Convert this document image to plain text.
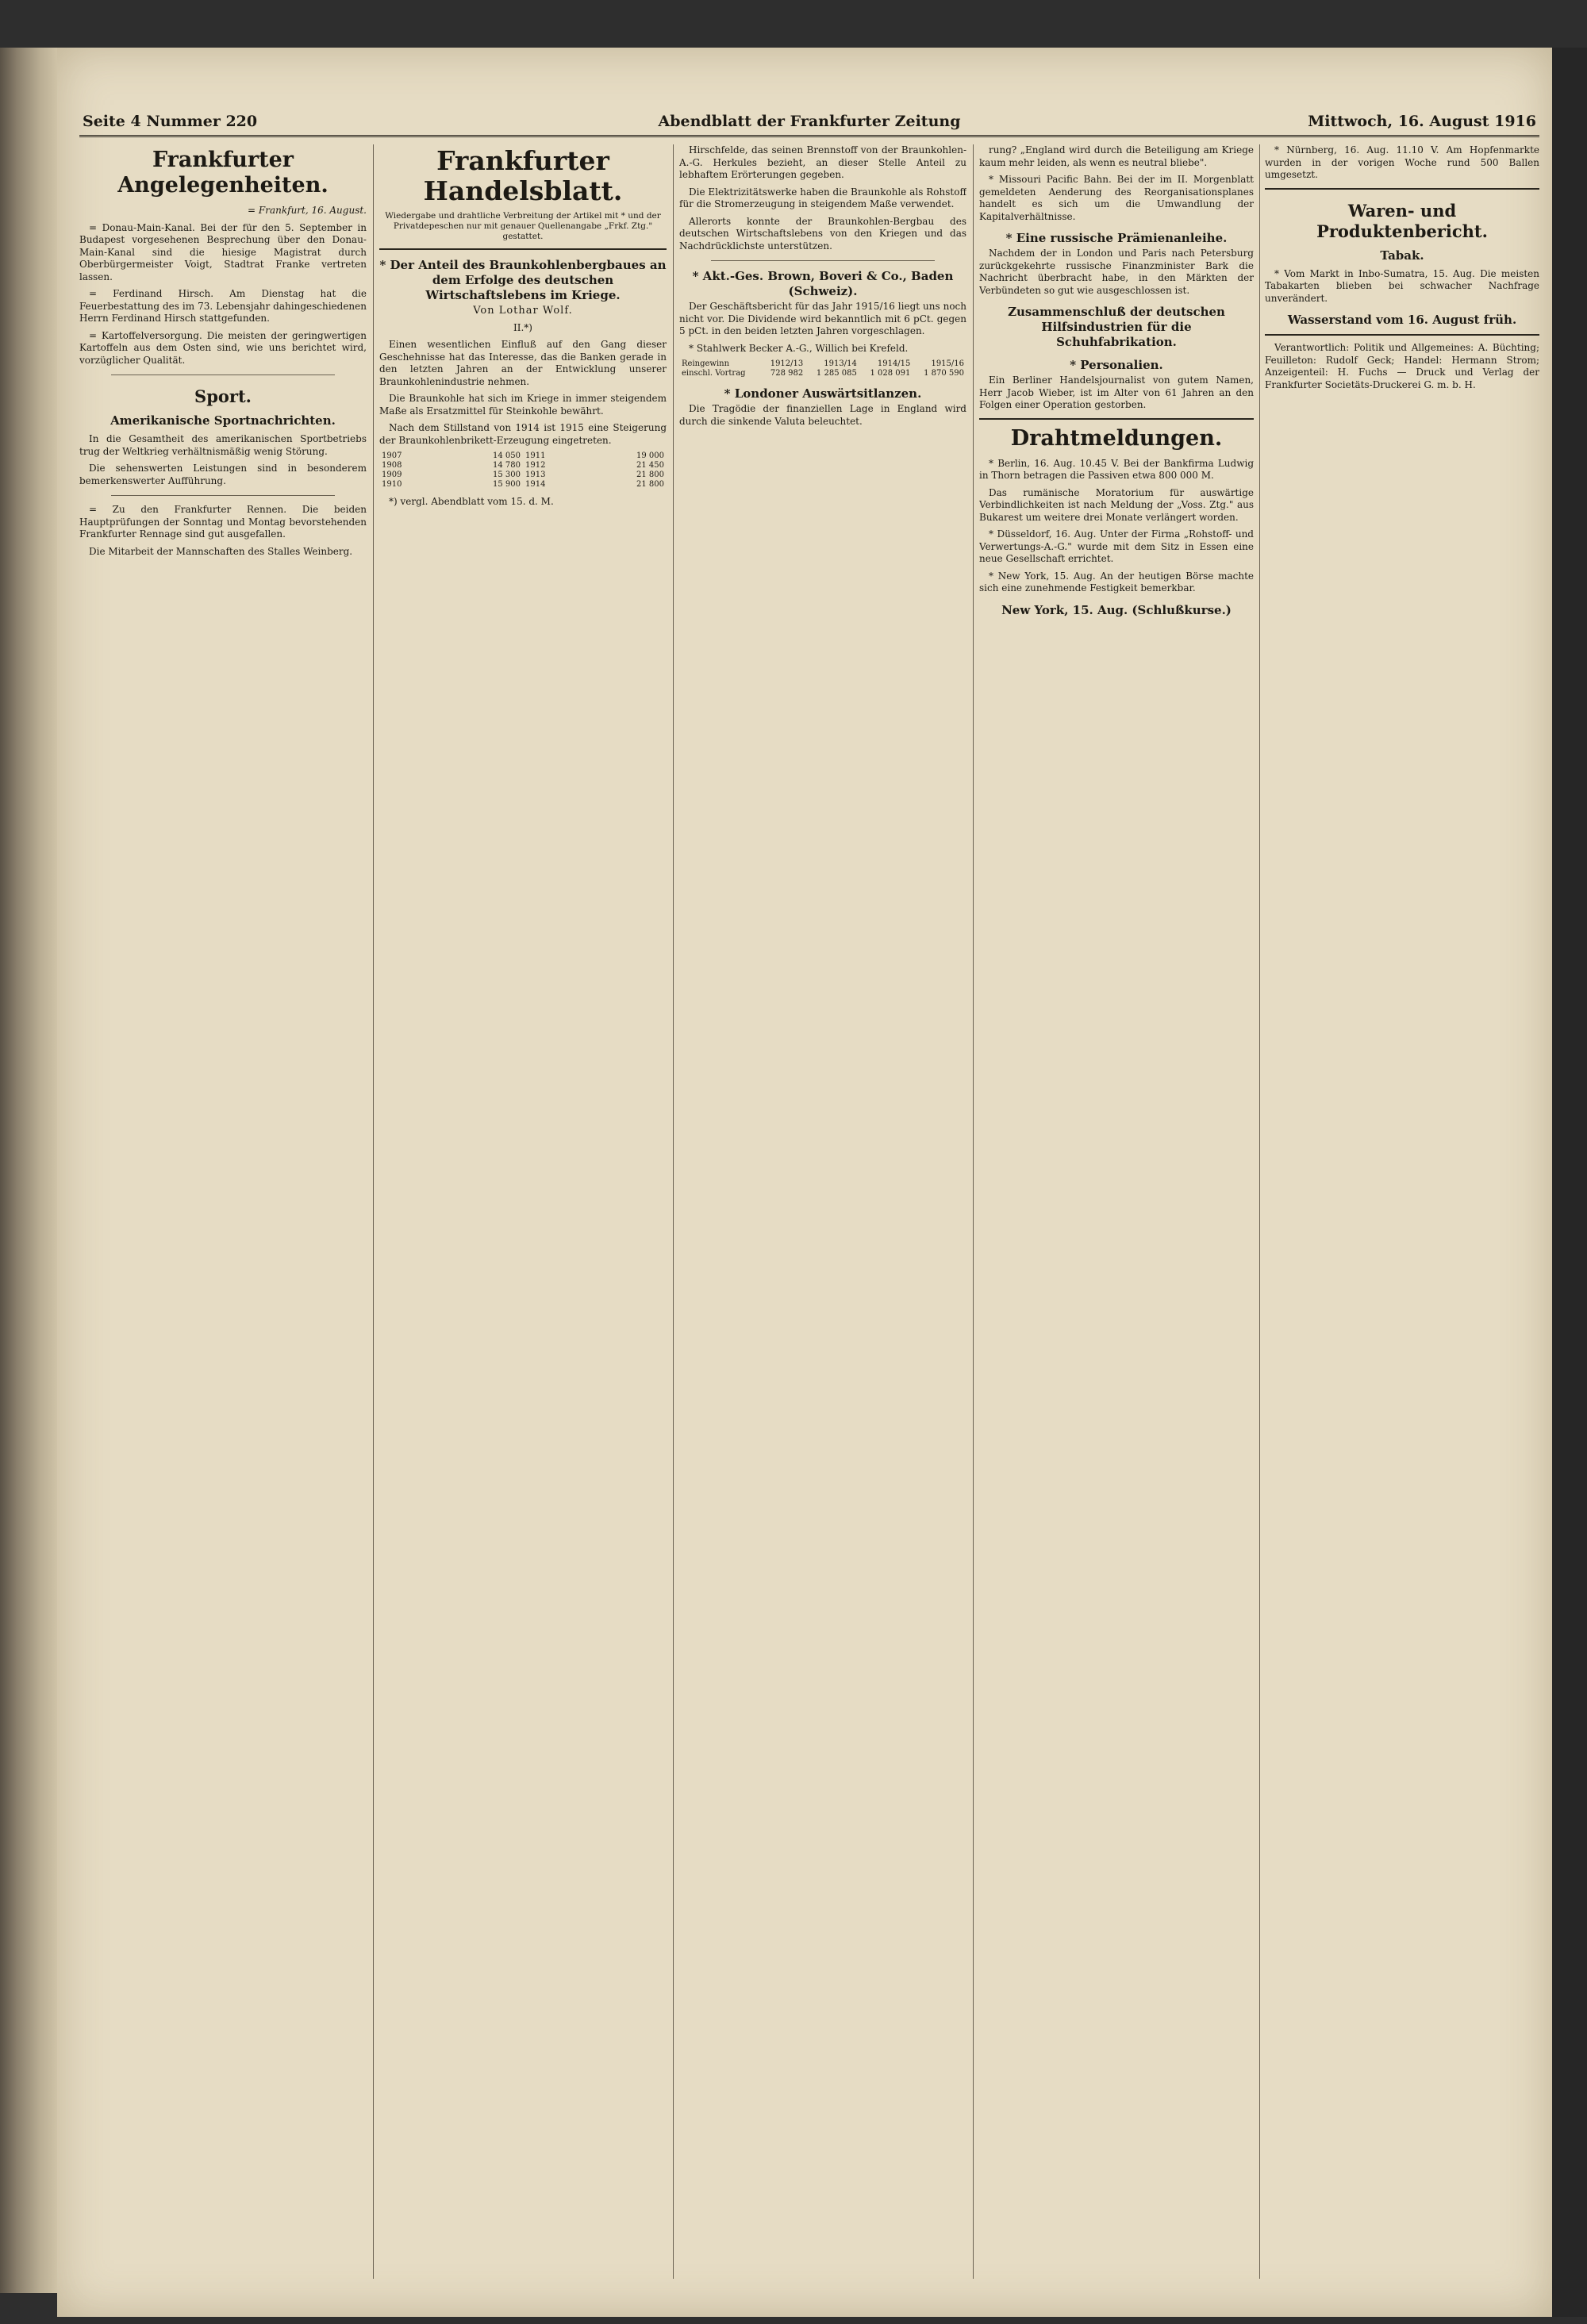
Seite 4 Nummer 220	Abendblatt der Frankfurter Zeitung	Mittwoch, 16. August 1916
Frankfurter Angelegenheiten.
= Frankfurt, 16. August.

= Donau-Main-Kanal. Bei der für den 5. September in Budapest vorgesehenen Besprechung über den Donau-Main-Kanal sind die hiesige Magistrat durch Oberbürgermeister Voigt, Stadtrat Franke vertreten lassen.

= Ferdinand Hirsch. Am Dienstag hat die Feuerbestattung des im 73. Lebensjahr dahingeschiedenen Herrn Ferdinand Hirsch stattgefunden.

= Kartoffelversorgung. Die meisten der geringwertigen Kartoffeln aus dem Osten sind, wie uns berichtet wird, vorzüglicher Qualität.

Sport.
Amerikanische Sportnachrichten.

In die Gesamtheit des amerikanischen Sportbetriebs trug der Weltkrieg verhältnismäßig wenig Störung.

Die sehenswerten Leistungen sind in besonderem bemerkenswerter Aufführung.

= Zu den Frankfurter Rennen. Die beiden Hauptprüfungen der Sonntag und Montag bevorstehenden Frankfurter Rennage sind gut ausgefallen.

Die Mitarbeit der Mannschaften des Stalles Weinberg.

Frankfurter Handelsblatt.
Wiedergabe und drahtliche Verbreitung der Artikel mit * und der Privatdepeschen nur mit genauer Quellenangabe „Frkf. Ztg." gestattet.
* Der Anteil des Braunkohlenbergbaues an dem Erfolge des deutschen Wirtschaftslebens im Kriege.
Von Lothar Wolf.
II.*)

Einen wesentlichen Einfluß auf den Gang dieser Geschehnisse hat das Interesse, das die Banken gerade in den letzten Jahren an der Entwicklung unserer Braunkohlenindustrie nehmen.

Die Braunkohle hat sich im Kriege in immer steigendem Maße als Ersatzmittel für Steinkohle bewährt.

Nach dem Stillstand von 1914 ist 1915 eine Steigerung der Braunkohlenbrikett-Erzeugung eingetreten.

1907	14 050	1911	19 000
1908	14 780	1912	21 450
1909	15 300	1913	21 800
1910	15 900	1914	21 800

*) vergl. Abendblatt vom 15. d. M.

Hirschfelde, das seinen Brennstoff von der Braunkohlen-A.-G. Herkules bezieht, an dieser Stelle Anteil zu lebhaftem Erörterungen gegeben.

Die Elektrizitätswerke haben die Braunkohle als Rohstoff für die Stromerzeugung in steigendem Maße verwendet.

Allerorts konnte der Braunkohlen-Bergbau des deutschen Wirtschaftslebens von den Kriegen und das Nachdrücklichste unterstützen.

* Akt.-Ges. Brown, Boveri & Co., Baden (Schweiz).

Der Geschäftsbericht für das Jahr 1915/16 liegt uns noch nicht vor. Die Dividende wird bekanntlich mit 6 pCt. gegen 5 pCt. in den beiden letzten Jahren vorgeschlagen.

* Stahlwerk Becker A.-G., Willich bei Krefeld.

Reingewinn	1912/13	1913/14	1914/15	1915/16
einschl. Vortrag	728 982	1 285 085	1 028 091	1 870 590
* Londoner Auswärtsitlanzen.

Die Tragödie der finanziellen Lage in England wird durch die sinkende Valuta beleuchtet.

rung? „England wird durch die Beteiligung am Kriege kaum mehr leiden, als wenn es neutral bliebe".

* Missouri Pacific Bahn. Bei der im II. Morgenblatt gemeldeten Aenderung des Reorganisationsplanes handelt es sich um die Umwandlung der Kapitalverhältnisse.

* Eine russische Prämienanleihe.

Nachdem der in London und Paris nach Petersburg zurückgekehrte russische Finanzminister Bark die Nachricht überbracht habe, in den Märkten der Verbündeten so gut wie ausgeschlossen ist.

Zusammenschluß der deutschen Hilfsindustrien für die Schuhfabrikation.
* Personalien.

Ein Berliner Handelsjournalist von gutem Namen, Herr Jacob Wieber, ist im Alter von 61 Jahren an den Folgen einer Operation gestorben.

Drahtmeldungen.

* Berlin, 16. Aug. 10.45 V. Bei der Bankfirma Ludwig in Thorn betragen die Passiven etwa 800 000 M.

Das rumänische Moratorium für auswärtige Verbindlichkeiten ist nach Meldung der „Voss. Ztg." aus Bukarest um weitere drei Monate verlängert worden.

* Düsseldorf, 16. Aug. Unter der Firma „Rohstoff- und Verwertungs-A.-G." wurde mit dem Sitz in Essen eine neue Gesellschaft errichtet.

* New York, 15. Aug. An der heutigen Börse machte sich eine zunehmende Festigkeit bemerkbar.

New York, 15. Aug. (Schlußkurse.)

* Nürnberg, 16. Aug. 11.10 V. Am Hopfenmarkte wurden in der vorigen Woche rund 500 Ballen umgesetzt.

Waren- und Produktenbericht.
Tabak.

* Vom Markt in Inbo-Sumatra, 15. Aug. Die meisten Tabakarten blieben bei schwacher Nachfrage unverändert.

Wasserstand vom 16. August früh.

Verantwortlich: Politik und Allgemeines: A. Büchting; Feuilleton: Rudolf Geck; Handel: Hermann Strom; Anzeigenteil: H. Fuchs — Druck und Verlag der Frankfurter Societäts-Druckerei G. m. b. H.
